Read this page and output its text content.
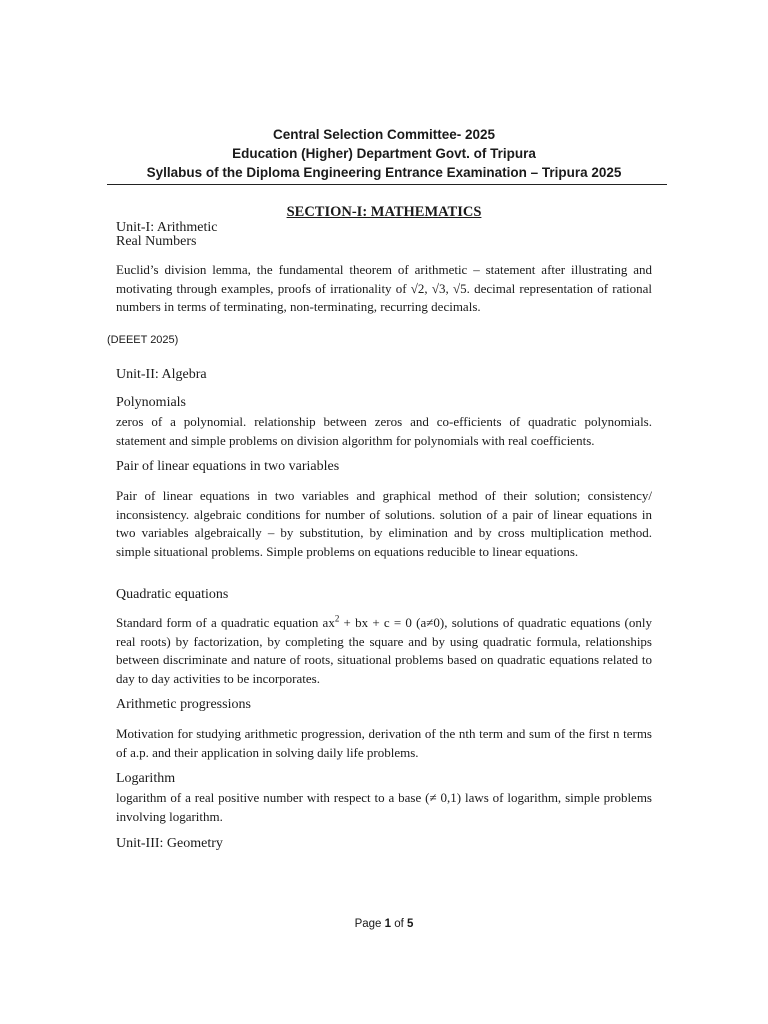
Central Selection Committee- 2025
Education (Higher) Department Govt. of Tripura
Syllabus of the Diploma Engineering Entrance Examination – Tripura 2025
SECTION-I: MATHEMATICS
Unit-I: Arithmetic
Real Numbers
Euclid’s division lemma, the fundamental theorem of arithmetic – statement after illustrating and motivating through examples, proofs of irrationality of √2, √3, √5. decimal representation of rational numbers in terms of terminating, non-terminating, recurring decimals.
(DEEET 2025)
Unit-II: Algebra
Polynomials
zeros of a polynomial. relationship between zeros and co-efficients of quadratic polynomials. statement and simple problems on division algorithm for polynomials with real coefficients.
Pair of linear equations in two variables
Pair of linear equations in two variables and graphical method of their solution; consistency/ inconsistency. algebraic conditions for number of solutions. solution of a pair of linear equations in two variables algebraically – by substitution, by elimination and by cross multiplication method. simple situational problems. Simple problems on equations reducible to linear equations.
Quadratic equations
Standard form of a quadratic equation $ax^2$ + bx + c = 0 (a≠0), solutions of quadratic equations (only real roots) by factorization, by completing the square and by using quadratic formula, relationships between discriminate and nature of roots, situational problems based on quadratic equations related to day to day activities to be incorporates.
Arithmetic progressions
Motivation for studying arithmetic progression, derivation of the nth term and sum of the first n terms of a.p. and their application in solving daily life problems.
Logarithm
logarithm of a real positive number with respect to a base (≠ 0,1) laws of logarithm, simple problems involving logarithm.
Unit-III: Geometry
Page 1 of 5
